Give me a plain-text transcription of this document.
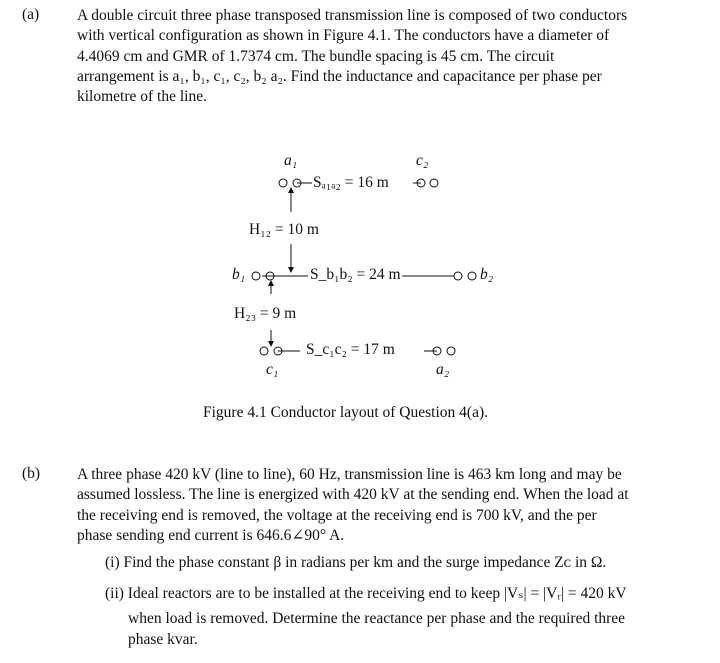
(a) A double circuit three phase transposed transmission line is composed of two conductors
with vertical configuration as shown in Figure 4.1. The conductors have a diameter of
4.4069 cm and GMR of 1.7374 cm. The bundle spacing is 45 cm. The circuit
arrangement is a₁, b₁, c₁, c₂, b₂ a₂. Find the inductance and capacitance per phase per
kilometre of the line.
a₁	c₂
Sₐ₁ₐ₂ = 16 m
H₁₂ = 10 m
b₁	S_b₁b₂ = 24 m	b₂
H₂₃ = 9 m
S_c₁c₂ = 17 m
c₁	a₂
Figure 4.1 Conductor layout of Question 4(a).
(b) A three phase 420 kV (line to line), 60 Hz, transmission line is 463 km long and may be
assumed lossless. The line is energized with 420 kV at the sending end. When the load at
the receiving end is removed, the voltage at the receiving end is 700 kV, and the per
phase sending end current is 646.6∠90° A.
(i) Find the phase constant β in radians per km and the surge impedance Zᴄ in Ω.
(ii) Ideal reactors are to be installed at the receiving end to keep |Vₛ| = |Vᵣ| = 420 kV
when load is removed. Determine the reactance per phase and the required three
phase kvar.
